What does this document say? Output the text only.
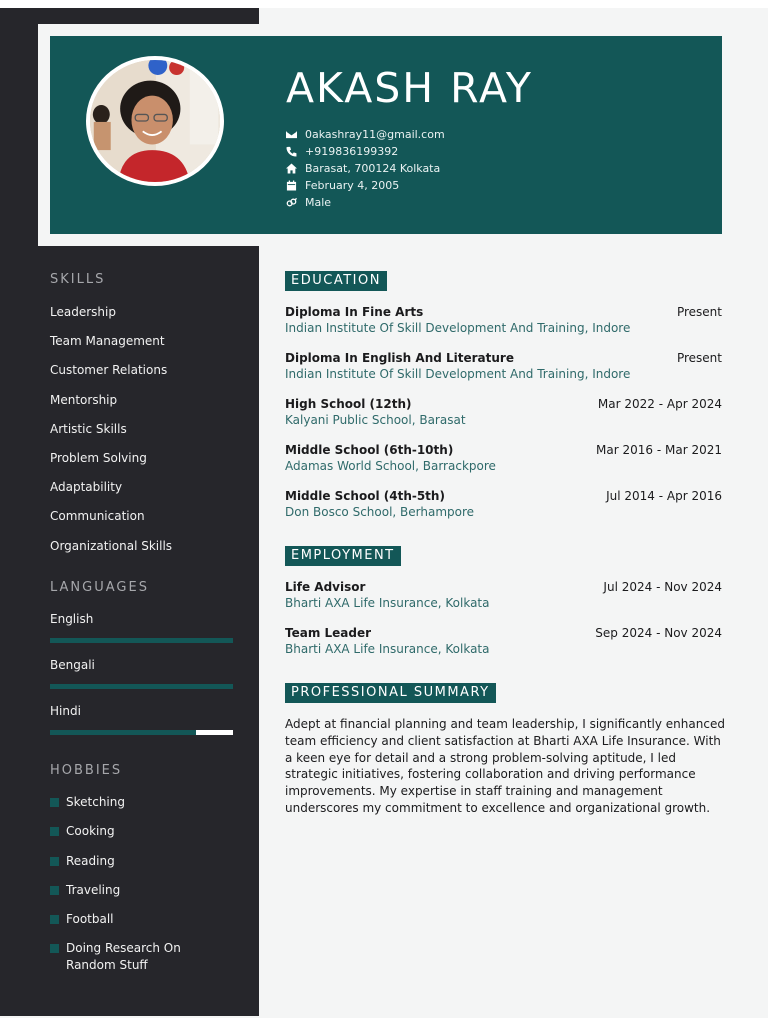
AKASH RAY
0akashray11@gmail.com
+919836199392
Barasat, 700124 Kolkata
February 4, 2005
Male
SKILLS
Leadership
Team Management
Customer Relations
Mentorship
Artistic Skills
Problem Solving
Adaptability
Communication
Organizational Skills
LANGUAGES
English
Bengali
Hindi
HOBBIES
Sketching
Cooking
Reading
Traveling
Football
Doing Research On Random Stuff
EDUCATION
Diploma In Fine Arts	Present
Indian Institute Of Skill Development And Training, Indore
Diploma In English And Literature	Present
Indian Institute Of Skill Development And Training, Indore
High School (12th)	Mar 2022 - Apr 2024
Kalyani Public School, Barasat
Middle School (6th-10th)	Mar 2016 - Mar 2021
Adamas World School, Barrackpore
Middle School (4th-5th)	Jul 2014 - Apr 2016
Don Bosco School, Berhampore
EMPLOYMENT
Life Advisor	Jul 2024 - Nov 2024
Bharti AXA Life Insurance, Kolkata
Team Leader	Sep 2024 - Nov 2024
Bharti AXA Life Insurance, Kolkata
PROFESSIONAL SUMMARY
Adept at financial planning and team leadership, I significantly enhanced team efficiency and client satisfaction at Bharti AXA Life Insurance. With a keen eye for detail and a strong problem-solving aptitude, I led strategic initiatives, fostering collaboration and driving performance improvements. My expertise in staff training and management underscores my commitment to excellence and organizational growth.
